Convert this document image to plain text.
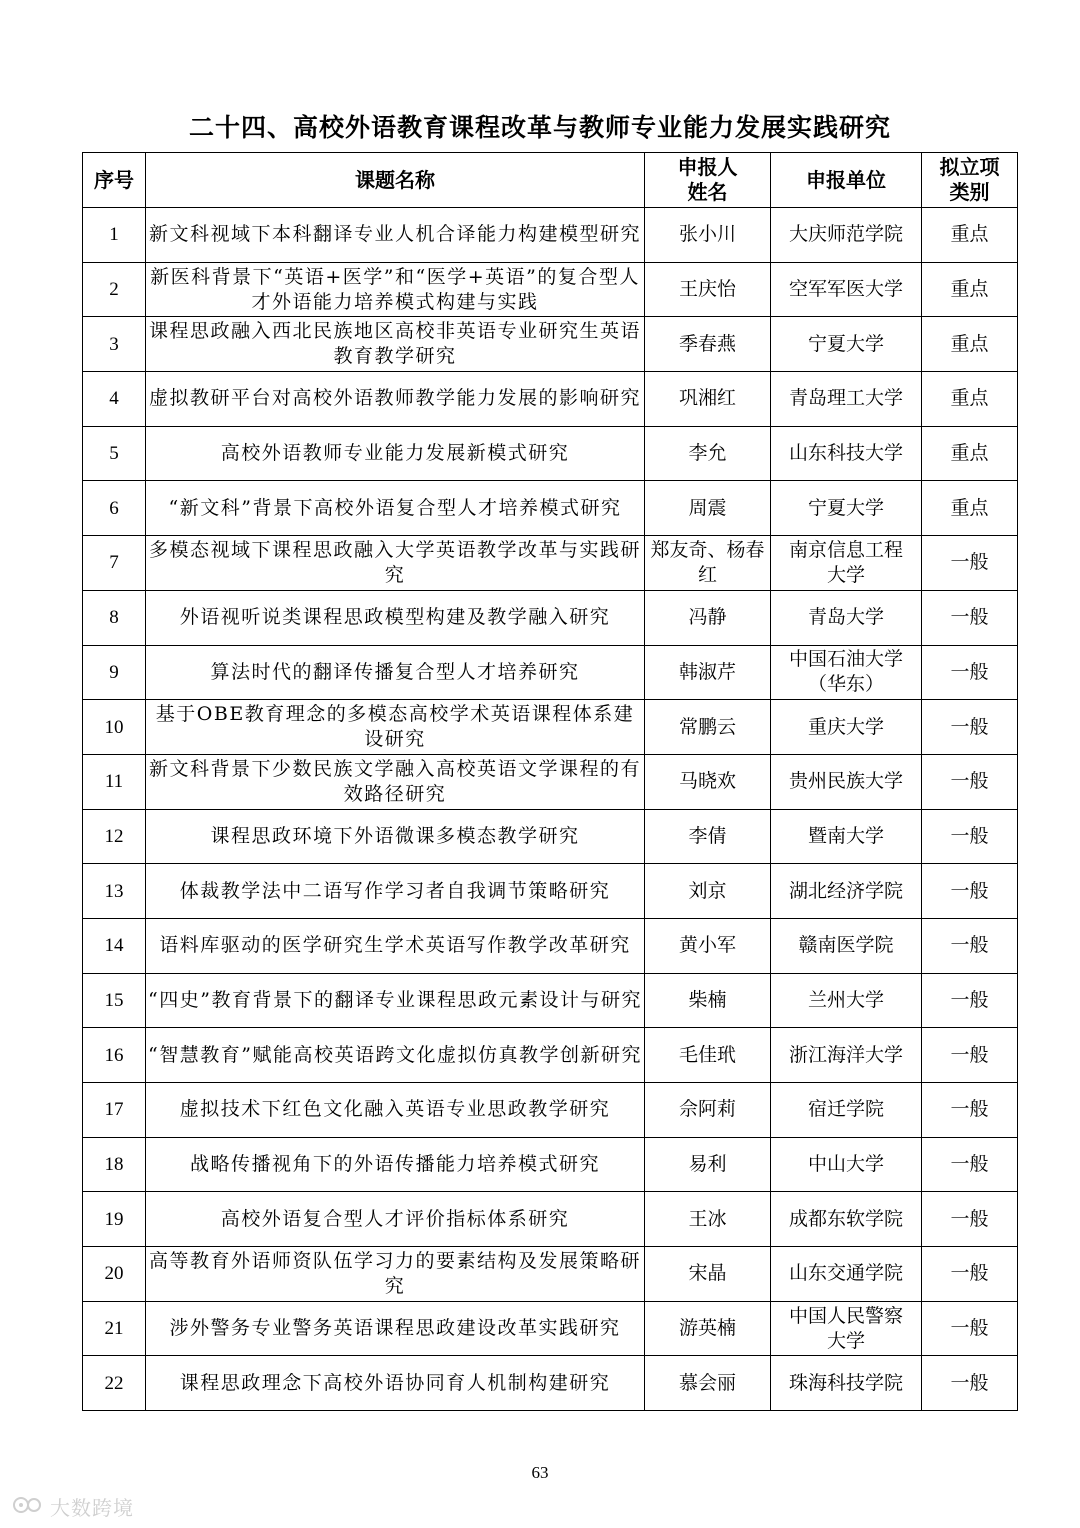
二十四、高校外语教育课程改革与教师专业能力发展实践研究
序号	课题名称	申报人姓名	申报单位	拟立项类别

1	新文科视域下本科翻译专业人机合译能力构建模型研究	张小川	大庆师范学院	重点
2	新医科背景下“英语+医学”和“医学+英语”的复合型人才外语能力培养模式构建与实践	王庆怡	空军军医大学	重点
3	课程思政融入西北民族地区高校非英语专业研究生英语教育教学研究	季春燕	宁夏大学	重点
4	虚拟教研平台对高校外语教师教学能力发展的影响研究	巩湘红	青岛理工大学	重点
5	高校外语教师专业能力发展新模式研究	李允	山东科技大学	重点
6	“新文科”背景下高校外语复合型人才培养模式研究	周震	宁夏大学	重点
7	多模态视域下课程思政融入大学英语教学改革与实践研究	郑友奇、杨春红	南京信息工程大学	一般
8	外语视听说类课程思政模型构建及教学融入研究	冯静	青岛大学	一般
9	算法时代的翻译传播复合型人才培养研究	韩淑芹	中国石油大学（华东）	一般
10	基于OBE教育理念的多模态高校学术英语课程体系建设研究	常鹏云	重庆大学	一般
11	新文科背景下少数民族文学融入高校英语文学课程的有效路径研究	马晓欢	贵州民族大学	一般
12	课程思政环境下外语微课多模态教学研究	李倩	暨南大学	一般
13	体裁教学法中二语写作学习者自我调节策略研究	刘京	湖北经济学院	一般
14	语料库驱动的医学研究生学术英语写作教学改革研究	黄小军	赣南医学院	一般
15	“四史”教育背景下的翻译专业课程思政元素设计与研究	柴楠	兰州大学	一般
16	“智慧教育”赋能高校英语跨文化虚拟仿真教学创新研究	毛佳玳	浙江海洋大学	一般
17	虚拟技术下红色文化融入英语专业思政教学研究	佘阿莉	宿迁学院	一般
18	战略传播视角下的外语传播能力培养模式研究	易利	中山大学	一般
19	高校外语复合型人才评价指标体系研究	王冰	成都东软学院	一般
20	高等教育外语师资队伍学习力的要素结构及发展策略研究	宋晶	山东交通学院	一般
21	涉外警务专业警务英语课程思政建设改革实践研究	游英楠	中国人民警察大学	一般
22	课程思政理念下高校外语协同育人机制构建研究	慕会丽	珠海科技学院	一般
63
大数跨境
